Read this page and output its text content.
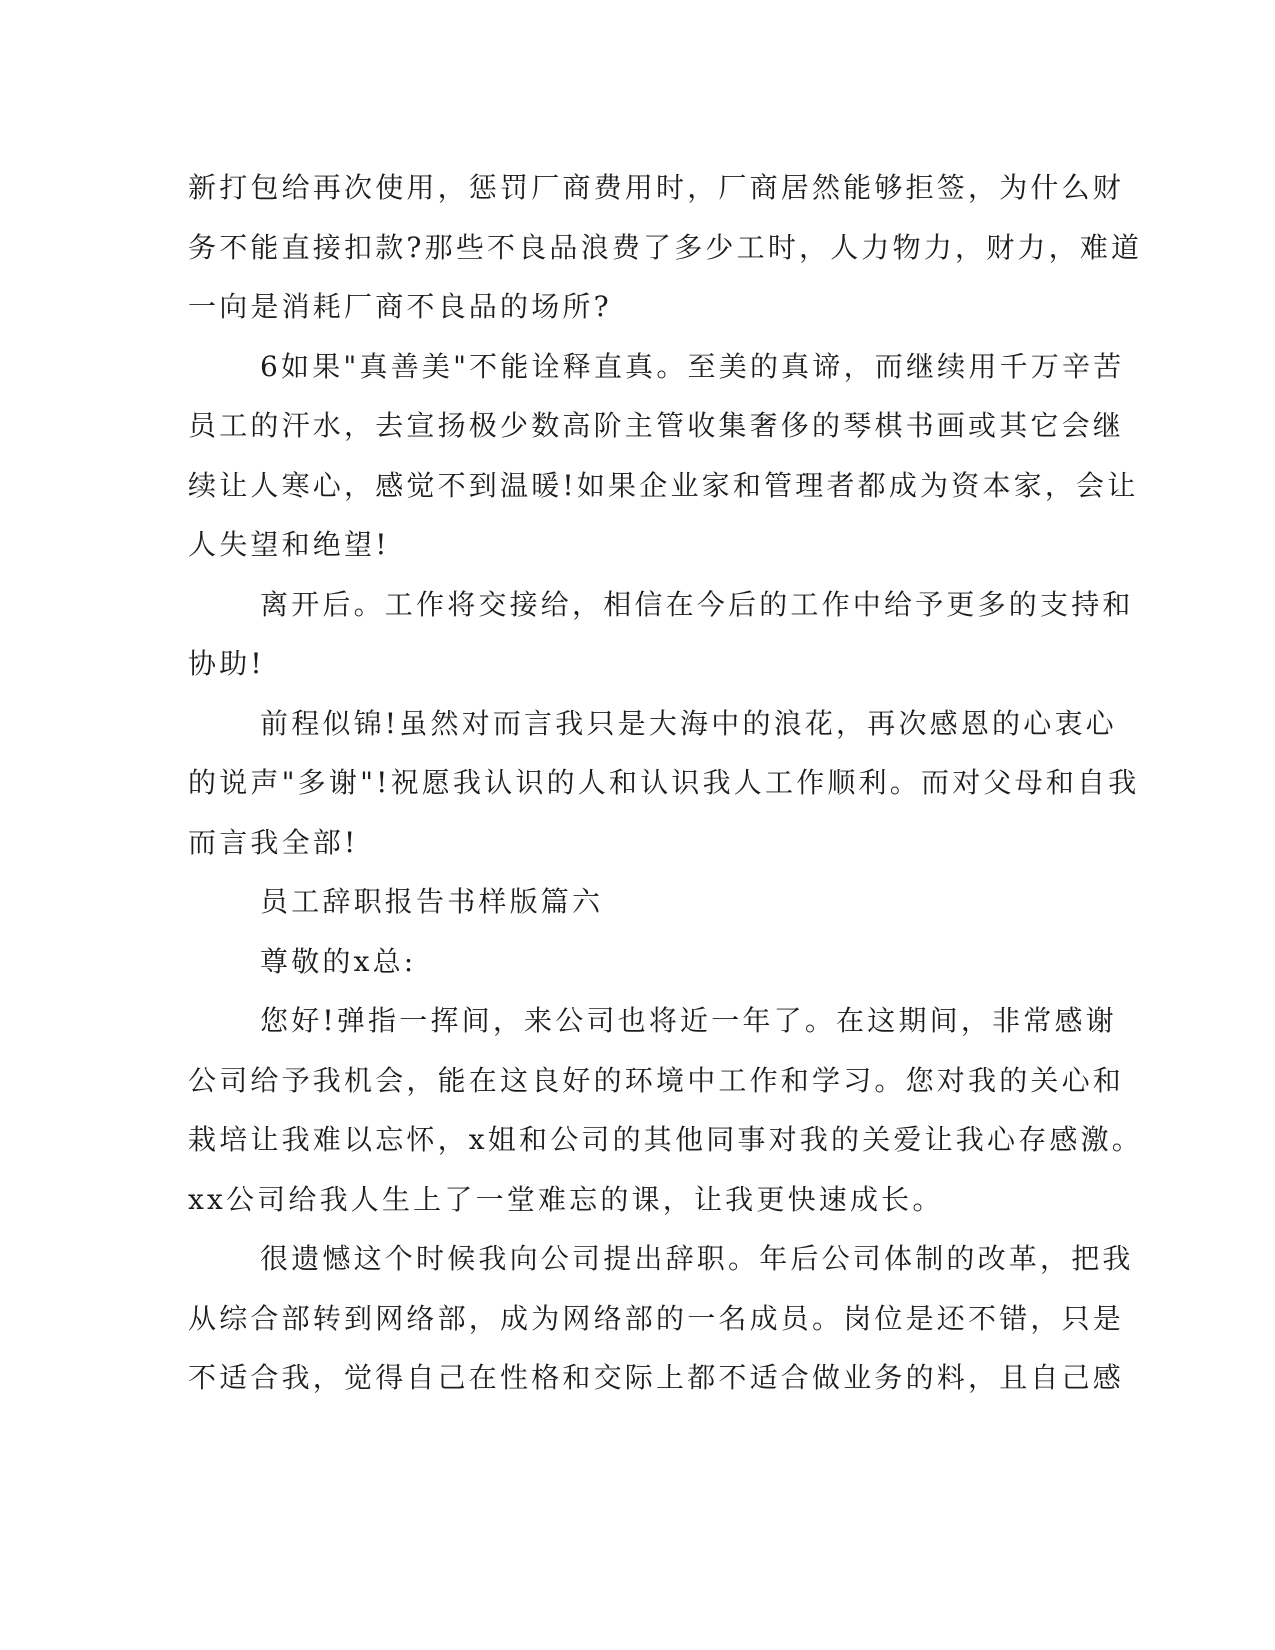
新打包给再次使用，惩罚厂商费用时，厂商居然能够拒签，为什么财
务不能直接扣款?那些不良品浪费了多少工时，人力物力，财力，难道
一向是消耗厂商不良品的场所?

6如果"真善美"不能诠释直真。至美的真谛，而继续用千万辛苦
员工的汗水，去宣扬极少数高阶主管收集奢侈的琴棋书画或其它会继
续让人寒心，感觉不到温暖!如果企业家和管理者都成为资本家，会让
人失望和绝望!

离开后。工作将交接给，相信在今后的工作中给予更多的支持和
协助!

前程似锦!虽然对而言我只是大海中的浪花，再次感恩的心衷心
的说声"多谢"!祝愿我认识的人和认识我人工作顺利。而对父母和自我
而言我全部!

员工辞职报告书样版篇六

尊敬的x总:

您好!弹指一挥间，来公司也将近一年了。在这期间，非常感谢
公司给予我机会，能在这良好的环境中工作和学习。您对我的关心和
栽培让我难以忘怀，x姐和公司的其他同事对我的关爱让我心存感激。
xx公司给我人生上了一堂难忘的课，让我更快速成长。

很遗憾这个时候我向公司提出辞职。年后公司体制的改革，把我
从综合部转到网络部，成为网络部的一名成员。岗位是还不错，只是
不适合我，觉得自己在性格和交际上都不适合做业务的料，且自己感
